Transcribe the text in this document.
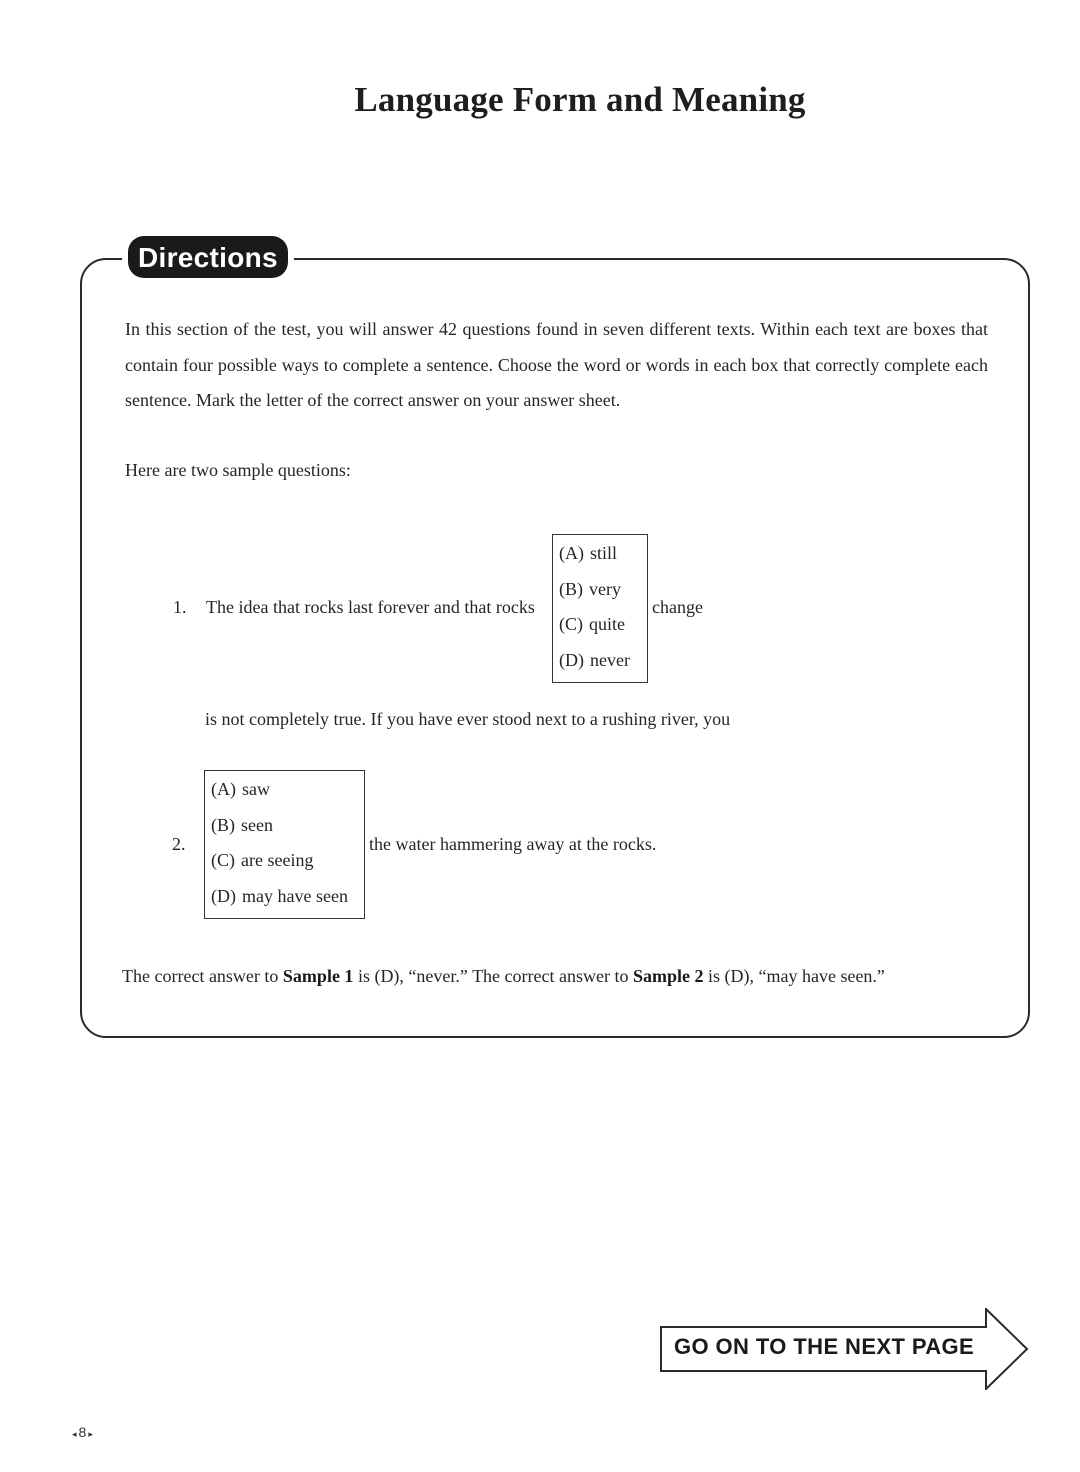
Language Form and Meaning
Directions
In this section of the test, you will answer 42 questions found in seven different texts. Within each text are boxes that contain four possible ways to complete a sentence. Choose the word or words in each box that correctly complete each sentence. Mark the letter of the correct answer on your answer sheet.
Here are two sample questions:
1. The idea that rocks last forever and that rocks
(A) still
(B) very
(C) quite
(D) never
change
is not completely true. If you have ever stood next to a rushing river, you
2.
(A) saw
(B) seen
(C) are seeing
(D) may have seen
the water hammering away at the rocks.
The correct answer to Sample 1 is (D), “never.” The correct answer to Sample 2 is (D), “may have seen.”
GO ON TO THE NEXT PAGE
◂ 8 ▸
